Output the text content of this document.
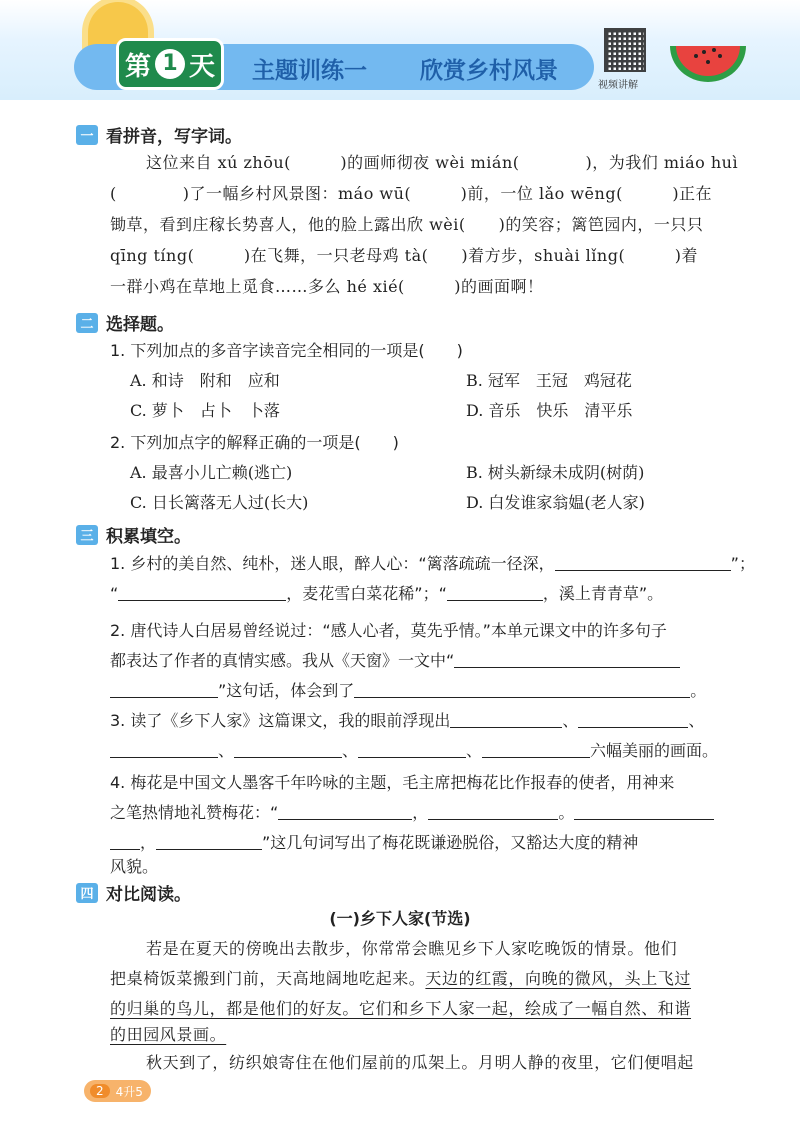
第 1 天 主题训练一 欣赏乡村风景
视频讲解
一 看拼音，写字词。
这位来自 xú zhōu(　　　)的画师彻夜 wèi mián(　　　　)，为我们 miáo huì
(　　　　)了一幅乡村风景图：máo wū(　　　)前，一位 lǎo wēng(　　　)正在
锄草，看到庄稼长势喜人，他的脸上露出欣 wèi(　　)的笑容；篱笆园内，一只只
qīng tíng(　　　)在飞舞，一只老母鸡 tà(　　)着方步，shuài lǐng(　　　)着
一群小鸡在草地上觅食……多么 hé xié(　　　)的画面啊！
二 选择题。
1. 下列加点的多音字读音完全相同的一项是(　　)
A. 和诗　附和　应和	B. 冠军　王冠　鸡冠花
C. 萝卜　占卜　卜落	D. 音乐　快乐　清平乐
2. 下列加点字的解释正确的一项是(　　)
A. 最喜小儿亡赖(逃亡)	B. 树头新绿未成阴(树荫)
C. 日长篱落无人过(长大)	D. 白发谁家翁媪(老人家)
三 积累填空。
1. 乡村的美自然、纯朴，迷人眼，醉人心：“篱落疏疏一径深，	”；
“	，麦花雪白菜花稀”；“	，溪上青青草”。
2. 唐代诗人白居易曾经说过：“感人心者，莫先乎情。”本单元课文中的许多句子
都表达了作者的真情实感。我从《天窗》一文中“
”这句话，体会到了	。
3. 读了《乡下人家》这篇课文，我的眼前浮现出	、	、
、	、	、	六幅美丽的画面。
4. 梅花是中国文人墨客千年吟咏的主题，毛主席把梅花比作报春的使者，用神来
之笔热情地礼赞梅花：“	，	。
，	”这几句词写出了梅花既谦逊脱俗，又豁达大度的精神
风貌。
四 对比阅读。
(一)乡下人家(节选)
若是在夏天的傍晚出去散步，你常常会瞧见乡下人家吃晚饭的情景。他们
把桌椅饭菜搬到门前，天高地阔地吃起来。天边的红霞，向晚的微风，头上飞过
的归巢的鸟儿，都是他们的好友。它们和乡下人家一起，绘成了一幅自然、和谐
的田园风景画。
秋天到了，纺织娘寄住在他们屋前的瓜架上。月明人静的夜里，它们便唱起
2	4升5
